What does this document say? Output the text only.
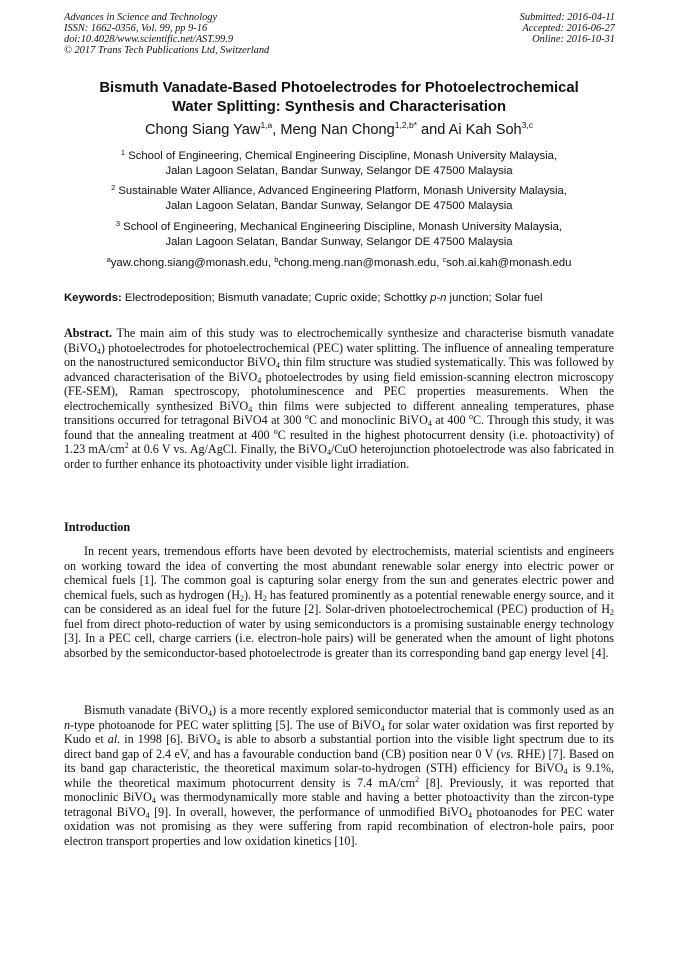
Advances in Science and Technology
ISSN: 1662-0356, Vol. 99, pp 9-16
doi:10.4028/www.scientific.net/AST.99.9
© 2017 Trans Tech Publications Ltd, Switzerland
Submitted: 2016-04-11
Accepted: 2016-06-27
Online: 2016-10-31
Bismuth Vanadate-Based Photoelectrodes for Photoelectrochemical
Water Splitting: Synthesis and Characterisation
Chong Siang Yaw$^{1,a}$, Meng Nan Chong$^{1,2,b*}$ and Ai Kah Soh$^{3,c}$
$^1$ School of Engineering, Chemical Engineering Discipline, Monash University Malaysia,
Jalan Lagoon Selatan, Bandar Sunway, Selangor DE 47500 Malaysia
$^2$ Sustainable Water Alliance, Advanced Engineering Platform, Monash University Malaysia,
Jalan Lagoon Selatan, Bandar Sunway, Selangor DE 47500 Malaysia
$^3$ School of Engineering, Mechanical Engineering Discipline, Monash University Malaysia,
Jalan Lagoon Selatan, Bandar Sunway, Selangor DE 47500 Malaysia
$^a$yaw.chong.siang@monash.edu, $^b$chong.meng.nan@monash.edu, $^c$soh.ai.kah@monash.edu
Keywords: Electrodeposition; Bismuth vanadate; Cupric oxide; Schottky p-n junction; Solar fuel
Abstract. The main aim of this study was to electrochemically synthesize and characterise bismuth vanadate (BiVO$_4$) photoelectrodes for photoelectrochemical (PEC) water splitting. The influence of annealing temperature on the nanostructured semiconductor BiVO$_4$ thin film structure was studied systematically. This was followed by advanced characterisation of the BiVO$_4$ photoelectrodes by using field emission-scanning electron microscopy (FE-SEM), Raman spectroscopy, photoluminescence and PEC properties measurements. When the electrochemically synthesized BiVO$_4$ thin films were subjected to different annealing temperatures, phase transitions occurred for tetragonal BiVO4 at 300 $^o$C and monoclinic BiVO$_4$ at 400 $^o$C. Through this study, it was found that the annealing treatment at 400 $^o$C resulted in the highest photocurrent density (i.e. photoactivity) of 1.23 $mA/cm^2$ at 0.6 V vs. Ag/AgCl. Finally, the BiVO$_4$/CuO heterojunction photoelectrode was also fabricated in order to further enhance its photoactivity under visible light irradiation.
Introduction
In recent years, tremendous efforts have been devoted by electrochemists, material scientists and engineers on working toward the idea of converting the most abundant renewable solar energy into electric power or chemical fuels [1]. The common goal is capturing solar energy from the sun and generates electric power and chemical fuels, such as hydrogen $(H_2)$. $H_2$ has featured prominently as a potential renewable energy source, and it can be considered as an ideal fuel for the future [2]. Solar-driven photoelectrochemical (PEC) production of $H_2$ fuel from direct photo-reduction of water by using semiconductors is a promising sustainable energy technology [3]. In a PEC cell, charge carriers (i.e. electron-hole pairs) will be generated when the amount of light photons absorbed by the semiconductor-based photoelectrode is greater than its corresponding band gap energy level [4].
Bismuth vanadate (BiVO$_4$) is a more recently explored semiconductor material that is commonly used as an n-type photoanode for PEC water splitting [5]. The use of BiVO$_4$ for solar water oxidation was first reported by Kudo et al. in 1998 [6]. BiVO$_4$ is able to absorb a substantial portion into the visible light spectrum due to its direct band gap of 2.4 eV, and has a favourable conduction band (CB) position near 0 V (vs. RHE) [7]. Based on its band gap characteristic, the theoretical maximum solar-to-hydrogen (STH) efficiency for BiVO$_4$ is 9.1%, while the theoretical maximum photocurrent density is 7.4 $mA/cm^2$ [8]. Previously, it was reported that monoclinic BiVO$_4$ was thermodynamically more stable and having a better photoactivity than the zircon-type tetragonal BiVO$_4$ [9]. In overall, however, the performance of unmodified BiVO$_4$ photoanodes for PEC water oxidation was not promising as they were suffering from rapid recombination of electron-hole pairs, poor electron transport properties and low oxidation kinetics [10].
